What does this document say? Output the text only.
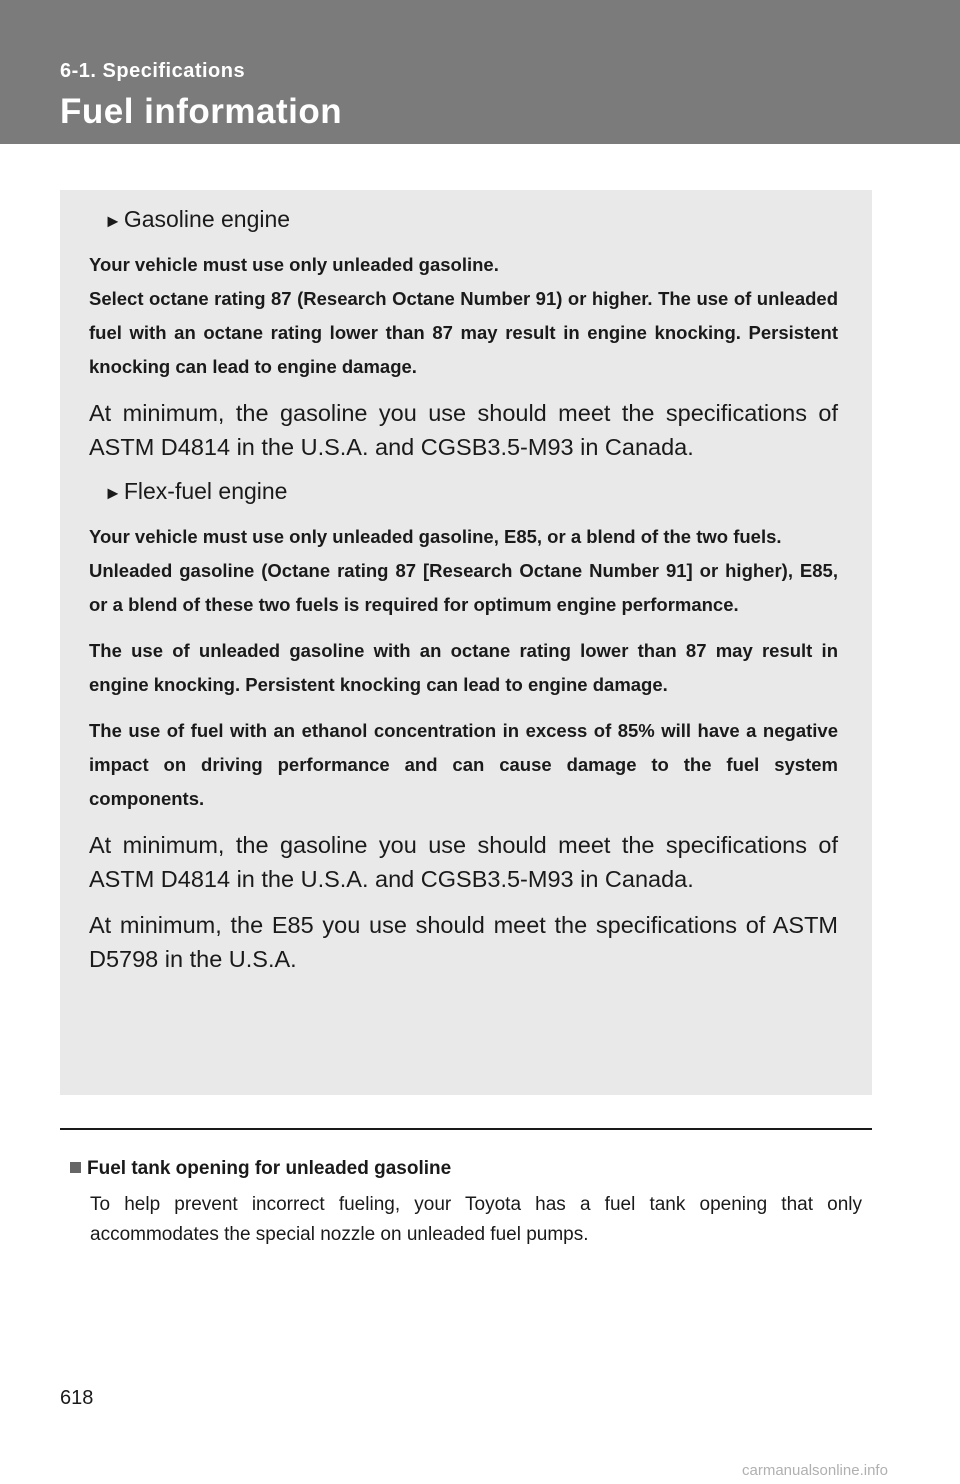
6-1. Specifications
Fuel information
►Gasoline engine

Your vehicle must use only unleaded gasoline.

Select octane rating 87 (Research Octane Number 91) or higher. The use of unleaded fuel with an octane rating lower than 87 may result in engine knocking. Persistent knocking can lead to engine damage.

At minimum, the gasoline you use should meet the specifications of ASTM D4814 in the U.S.A. and CGSB3.5-M93 in Canada.

►Flex-fuel engine

Your vehicle must use only unleaded gasoline, E85, or a blend of the two fuels.

Unleaded gasoline (Octane rating 87 [Research Octane Number 91] or higher), E85, or a blend of these two fuels is required for optimum engine performance.

The use of unleaded gasoline with an octane rating lower than 87 may result in engine knocking. Persistent knocking can lead to engine damage.

The use of fuel with an ethanol concentration in excess of 85% will have a negative impact on driving performance and can cause damage to the fuel system components.

At minimum, the gasoline you use should meet the specifications of ASTM D4814 in the U.S.A. and CGSB3.5-M93 in Canada.

At minimum, the E85 you use should meet the specifications of ASTM D5798 in the U.S.A.

Fuel tank opening for unleaded gasoline
To help prevent incorrect fueling, your Toyota has a fuel tank opening that only accommodates the special nozzle on unleaded fuel pumps.
618
carmanualsonline.info
